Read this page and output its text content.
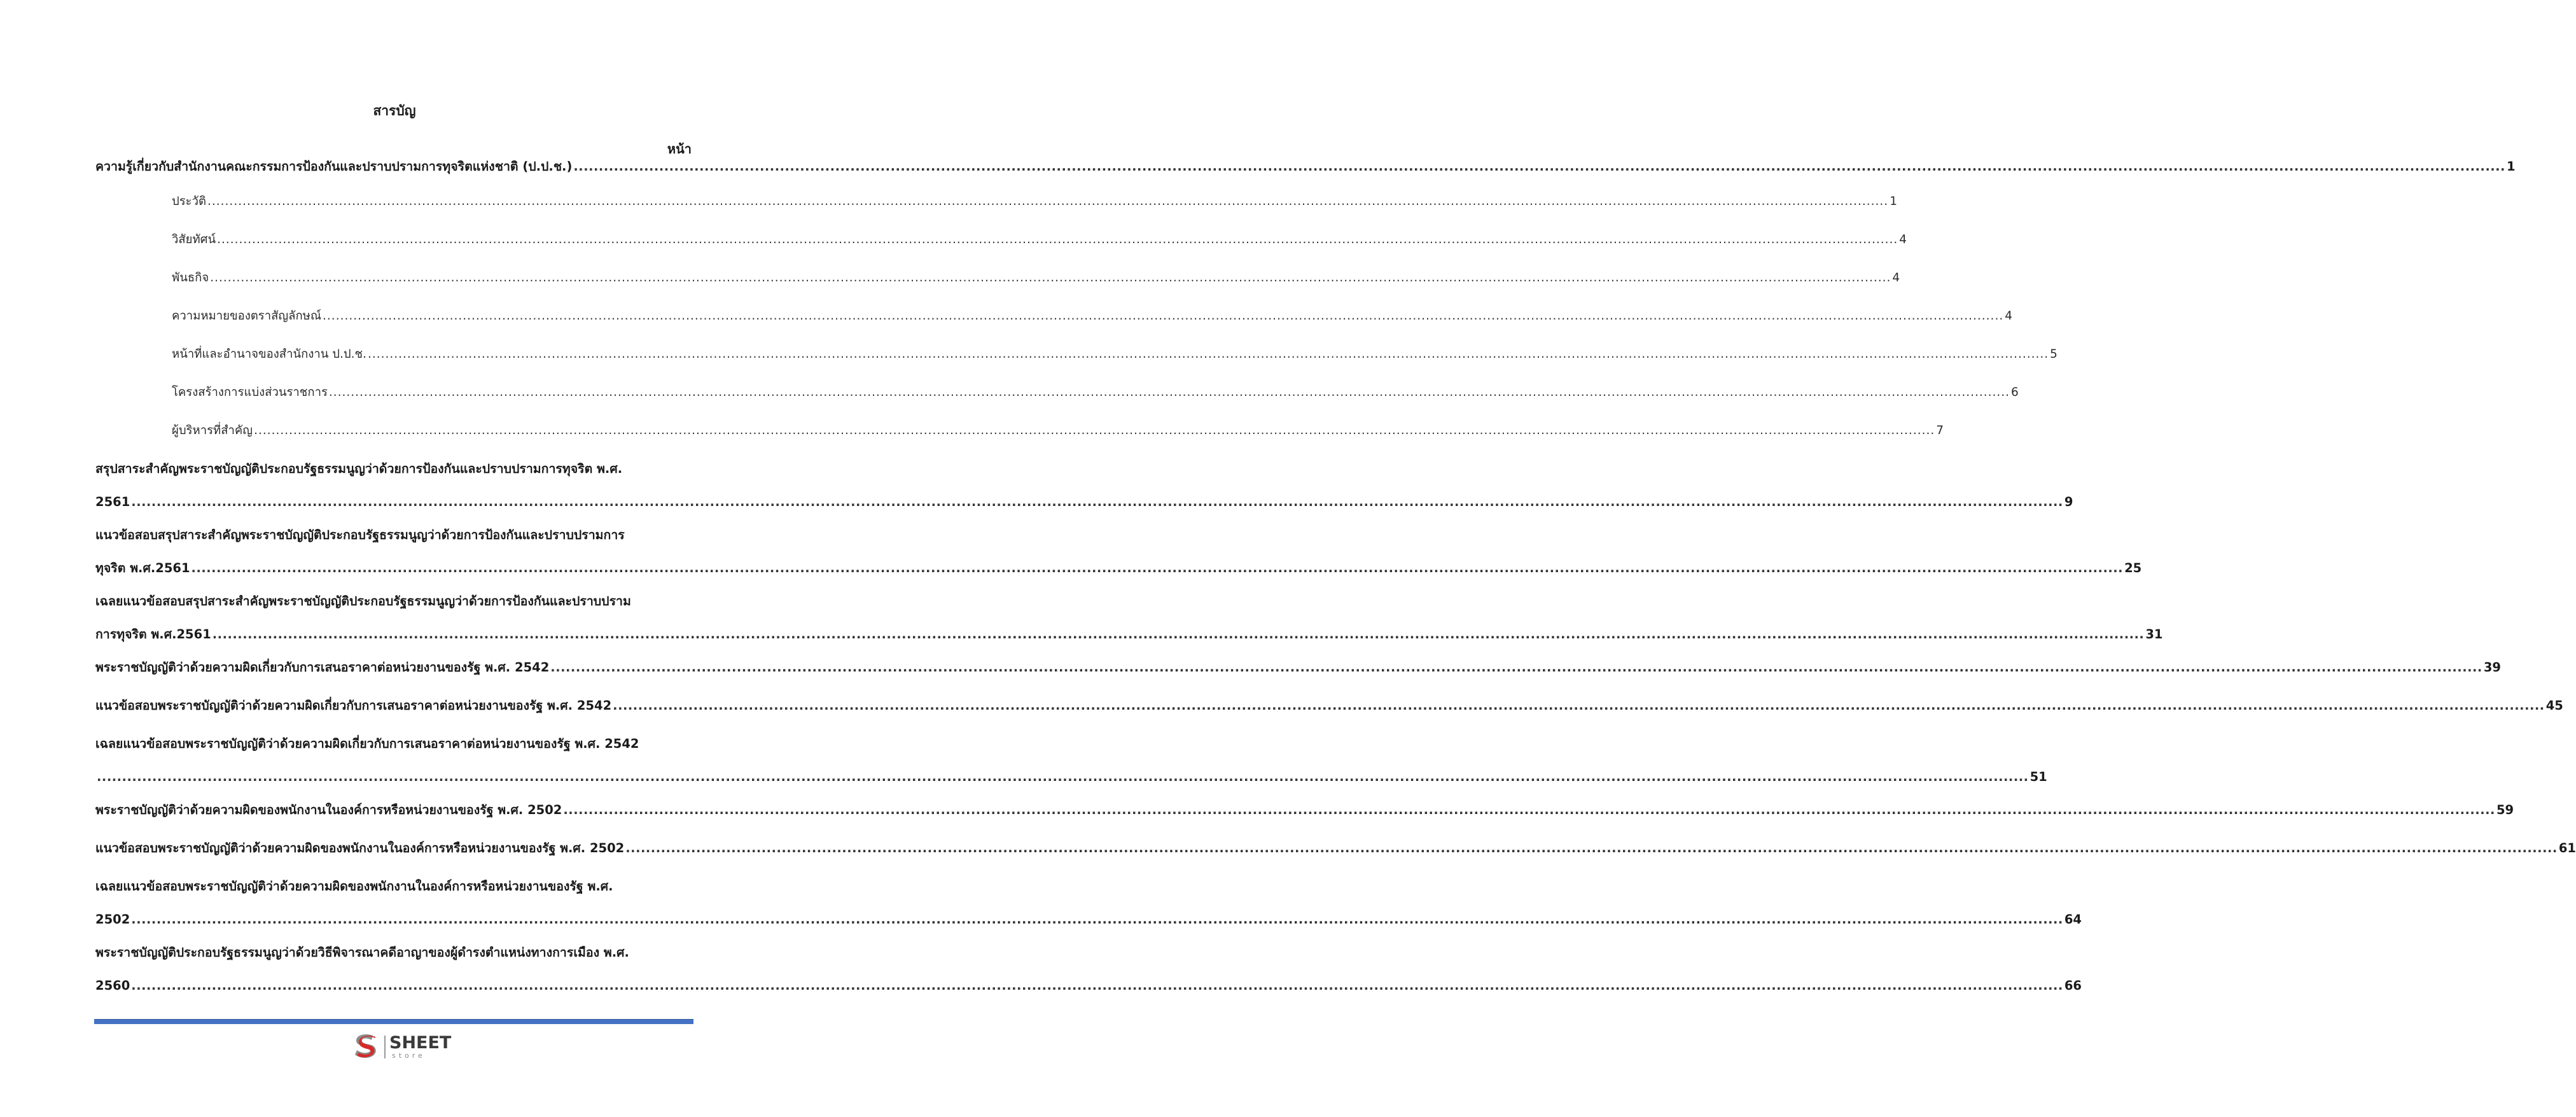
สารบัญ
หน้า
ความรู้เกี่ยวกับสำนักงานคณะกรรมการป้องกันและปราบปรามการทุจริตแห่งชาติ (ป.ป.ช.) ................................................................................................................................................................................................................................................................................................................................................................................................ 1
ประวัติ ................................................................................................................................................................................................................................................................................................................................................................................................ 1
วิสัยทัศน์ ................................................................................................................................................................................................................................................................................................................................................................................................ 4
พันธกิจ ................................................................................................................................................................................................................................................................................................................................................................................................ 4
ความหมายของตราสัญลักษณ์ ................................................................................................................................................................................................................................................................................................................................................................................................ 4
หน้าที่และอำนาจของสำนักงาน ป.ป.ช. ................................................................................................................................................................................................................................................................................................................................................................................................ 5
โครงสร้างการแบ่งส่วนราชการ ................................................................................................................................................................................................................................................................................................................................................................................................ 6
ผู้บริหารที่สำคัญ ................................................................................................................................................................................................................................................................................................................................................................................................ 7
สรุปสาระสำคัญพระราชบัญญัติประกอบรัฐธรรมนูญว่าด้วยการป้องกันและปราบปรามการทุจริต พ.ศ.
2561 ................................................................................................................................................................................................................................................................................................................................................................................................ 9
แนวข้อสอบสรุปสาระสำคัญพระราชบัญญัติประกอบรัฐธรรมนูญว่าด้วยการป้องกันและปราบปรามการ
ทุจริต พ.ศ.2561 ................................................................................................................................................................................................................................................................................................................................................................................................ 25
เฉลยแนวข้อสอบสรุปสาระสำคัญพระราชบัญญัติประกอบรัฐธรรมนูญว่าด้วยการป้องกันและปราบปราม
การทุจริต พ.ศ.2561 ................................................................................................................................................................................................................................................................................................................................................................................................ 31
พระราชบัญญัติว่าด้วยความผิดเกี่ยวกับการเสนอราคาต่อหน่วยงานของรัฐ พ.ศ. 2542 ................................................................................................................................................................................................................................................................................................................................................................................................ 39
แนวข้อสอบพระราชบัญญัติว่าด้วยความผิดเกี่ยวกับการเสนอราคาต่อหน่วยงานของรัฐ พ.ศ. 2542 ................................................................................................................................................................................................................................................................................................................................................................................................ 45
เฉลยแนวข้อสอบพระราชบัญญัติว่าด้วยความผิดเกี่ยวกับการเสนอราคาต่อหน่วยงานของรัฐ พ.ศ. 2542
................................................................................................................................................................................................................................................................................................................................................................................................ 51
พระราชบัญญัติว่าด้วยความผิดของพนักงานในองค์การหรือหน่วยงานของรัฐ พ.ศ. 2502 ................................................................................................................................................................................................................................................................................................................................................................................................ 59
แนวข้อสอบพระราชบัญญัติว่าด้วยความผิดของพนักงานในองค์การหรือหน่วยงานของรัฐ พ.ศ. 2502 ................................................................................................................................................................................................................................................................................................................................................................................................ 61
เฉลยแนวข้อสอบพระราชบัญญัติว่าด้วยความผิดของพนักงานในองค์การหรือหน่วยงานของรัฐ พ.ศ.
2502 ................................................................................................................................................................................................................................................................................................................................................................................................ 64
พระราชบัญญัติประกอบรัฐธรรมนูญว่าด้วยวิธีพิจารณาคดีอาญาของผู้ดำรงตำแหน่งทางการเมือง พ.ศ.
2560 ................................................................................................................................................................................................................................................................................................................................................................................................ 66
SHEET
store
